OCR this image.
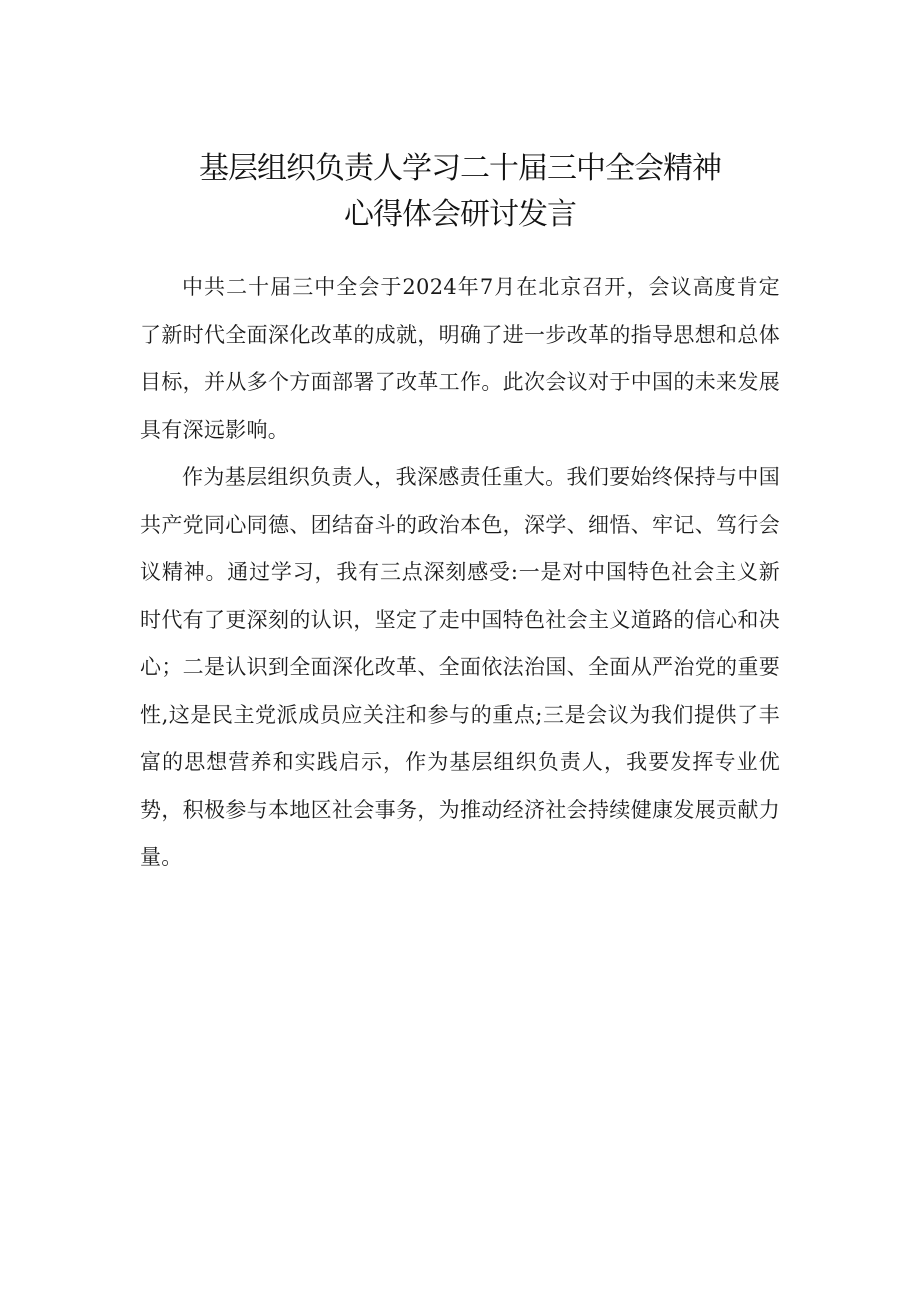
基层组织负责人学习二十届三中全会精神
心得体会研讨发言

中共二十届三中全会于2024年7月在北京召开，会议高度肯定了新时代全面深化改革的成就，明确了进一步改革的指导思想和总体目标，并从多个方面部署了改革工作。此次会议对于中国的未来发展具有深远影响。

作为基层组织负责人，我深感责任重大。我们要始终保持与中国共产党同心同德、团结奋斗的政治本色，深学、细悟、牢记、笃行会议精神。通过学习，我有三点深刻感受:一是对中国特色社会主义新时代有了更深刻的认识，坚定了走中国特色社会主义道路的信心和决心；二是认识到全面深化改革、全面依法治国、全面从严治党的重要性,这是民主党派成员应关注和参与的重点;三是会议为我们提供了丰富的思想营养和实践启示，作为基层组织负责人，我要发挥专业优势，积极参与本地区社会事务，为推动经济社会持续健康发展贡献力量。
